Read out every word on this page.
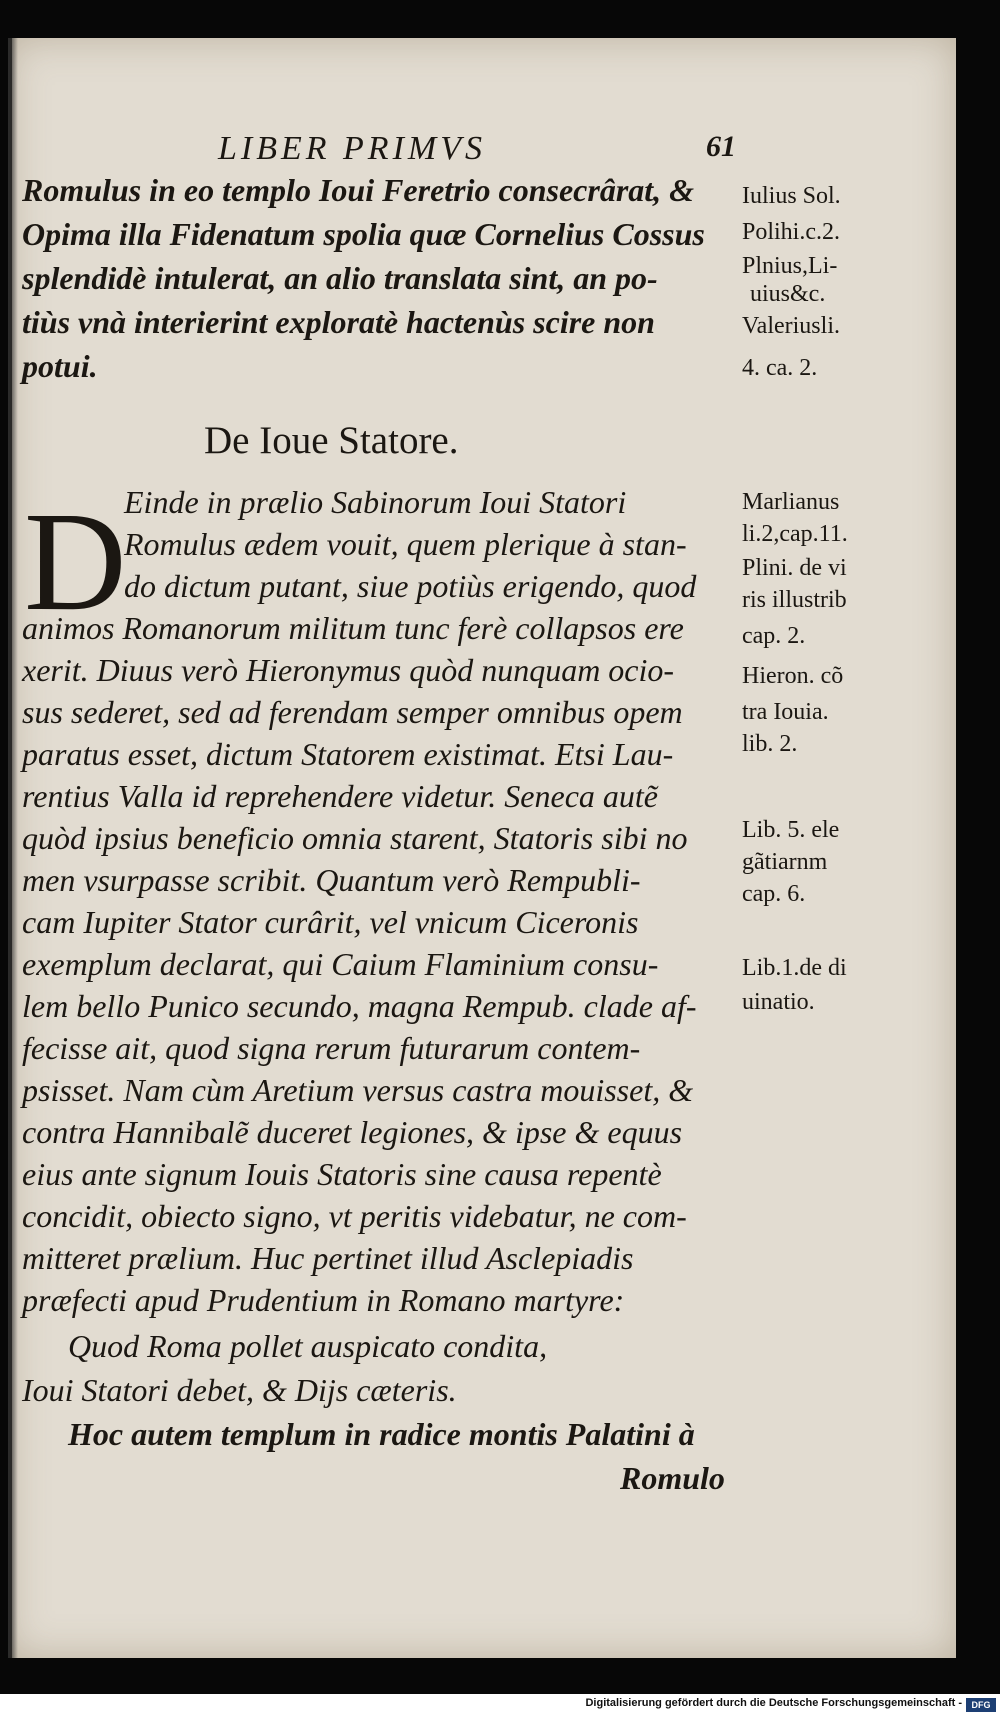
LIBER PRIMVS	61
Romulus in eo templo Ioui Feretrio consecrârat, &
Opima illa Fidenatum spolia quæ Cornelius Cossus
splendidè intulerat, an alio translata sint, an po-
tiùs vnà interierint exploratè hactenùs scire non
potui.
De Ioue Statore.
D
Einde in prælio Sabinorum Ioui Statori
Romulus ædem vouit, quem plerique à stan-
do dictum putant, siue potiùs erigendo, quod
animos Romanorum militum tunc ferè collapsos ere
xerit. Diuus verò Hieronymus quòd nunquam ocio-
sus sederet, sed ad ferendam semper omnibus opem
paratus esset, dictum Statorem existimat. Etsi Lau-
rentius Valla id reprehendere videtur. Seneca autẽ
quòd ipsius beneficio omnia starent, Statoris sibi no
men vsurpasse scribit. Quantum verò Rempubli-
cam Iupiter Stator curârit, vel vnicum Ciceronis
exemplum declarat, qui Caium Flaminium consu-
lem bello Punico secundo, magna Rempub. clade af-
fecisse ait, quod signa rerum futurarum contem-
psisset. Nam cùm Aretium versus castra mouisset, &
contra Hannibalẽ duceret legiones, & ipse & equus
eius ante signum Iouis Statoris sine causa repentè
concidit, obiecto signo, vt peritis videbatur, ne com-
mitteret prælium. Huc pertinet illud Asclepiadis
præfecti apud Prudentium in Romano martyre:
Quod Roma pollet auspicato condita,
Ioui Statori debet, & Dijs cæteris.
Hoc autem templum in radice montis Palatini à
Romulo
Iulius Sol.
Polihi.c.2.
Plnius,Li-
uius&c.
Valeriusli.
4. ca. 2.
Marlianus
li.2,cap.11.
Plini. de vi
ris illustrib
cap. 2.
Hieron. cõ
tra Iouia.
lib. 2.
Lib. 5. ele
gãtiarnm
cap. 6.
Lib.1.de di
uinatio.
Digitalisierung gefördert durch die Deutsche Forschungsgemeinschaft -	DFG
